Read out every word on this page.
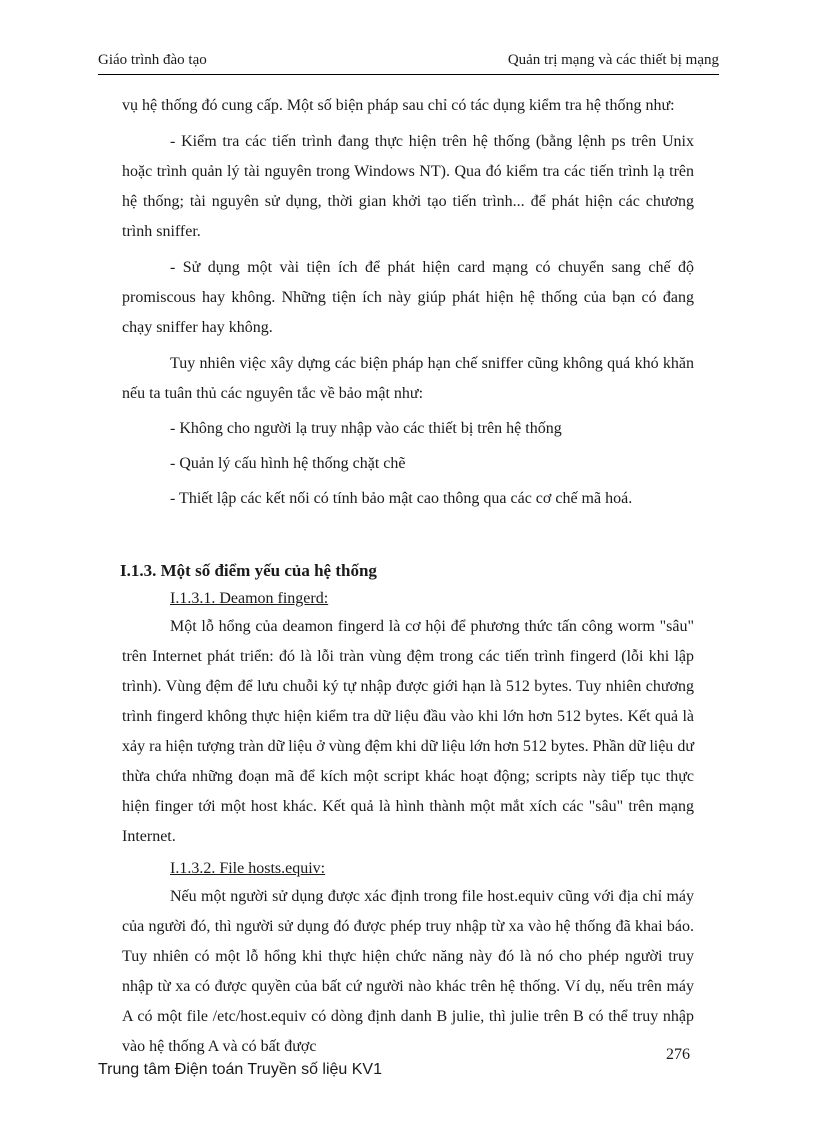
Giáo trình đào tạo	Quản trị mạng và các thiết bị mạng

vụ hệ thống đó cung cấp. Một số biện pháp sau chỉ có tác dụng kiểm tra hệ thống như:

- Kiểm tra các tiến trình đang thực hiện trên hệ thống (bằng lệnh ps trên Unix hoặc trình quản lý tài nguyên trong Windows NT). Qua đó kiểm tra các tiến trình lạ trên hệ thống; tài nguyên sử dụng, thời gian khởi tạo tiến trình... để phát hiện các chương trình sniffer.

- Sử dụng một vài tiện ích để phát hiện card mạng có chuyển sang chế độ promiscous hay không. Những tiện ích này giúp phát hiện hệ thống của bạn có đang chạy sniffer hay không.

Tuy nhiên việc xây dựng các biện pháp hạn chế sniffer cũng không quá khó khăn nếu ta tuân thủ các nguyên tắc về bảo mật như:

- Không cho người lạ truy nhập vào các thiết bị trên hệ thống

- Quản lý cấu hình hệ thống chặt chẽ

- Thiết lập các kết nối có tính bảo mật cao thông qua các cơ chế mã hoá.

I.1.3. Một số điểm yếu của hệ thống
I.1.3.1. Deamon fingerd:

Một lỗ hổng của deamon fingerd là cơ hội để phương thức tấn công worm "sâu" trên Internet phát triển: đó là lỗi tràn vùng đệm trong các tiến trình fingerd (lỗi khi lập trình). Vùng đệm để lưu chuỗi ký tự nhập được giới hạn là 512 bytes. Tuy nhiên chương trình fingerd không thực hiện kiểm tra dữ liệu đầu vào khi lớn hơn 512 bytes. Kết quả là xảy ra hiện tượng tràn dữ liệu ở vùng đệm khi dữ liệu lớn hơn 512 bytes. Phần dữ liệu dư thừa chứa những đoạn mã để kích một script khác hoạt động; scripts này tiếp tục thực hiện finger tới một host khác. Kết quả là hình thành một mắt xích các "sâu" trên mạng Internet.

I.1.3.2. File hosts.equiv:

Nếu một người sử dụng được xác định trong file host.equiv cũng với địa chỉ máy của người đó, thì người sử dụng đó được phép truy nhập từ xa vào hệ thống đã khai báo. Tuy nhiên có một lỗ hổng khi thực hiện chức năng này đó là nó cho phép người truy nhập từ xa có được quyền của bất cứ người nào khác trên hệ thống. Ví dụ, nếu trên máy A có một file /etc/host.equiv có dòng định danh B julie, thì julie trên B có thể truy nhập vào hệ thống A và có bất được	276
Trung tâm Điện toán Truyền số liệu KV1
